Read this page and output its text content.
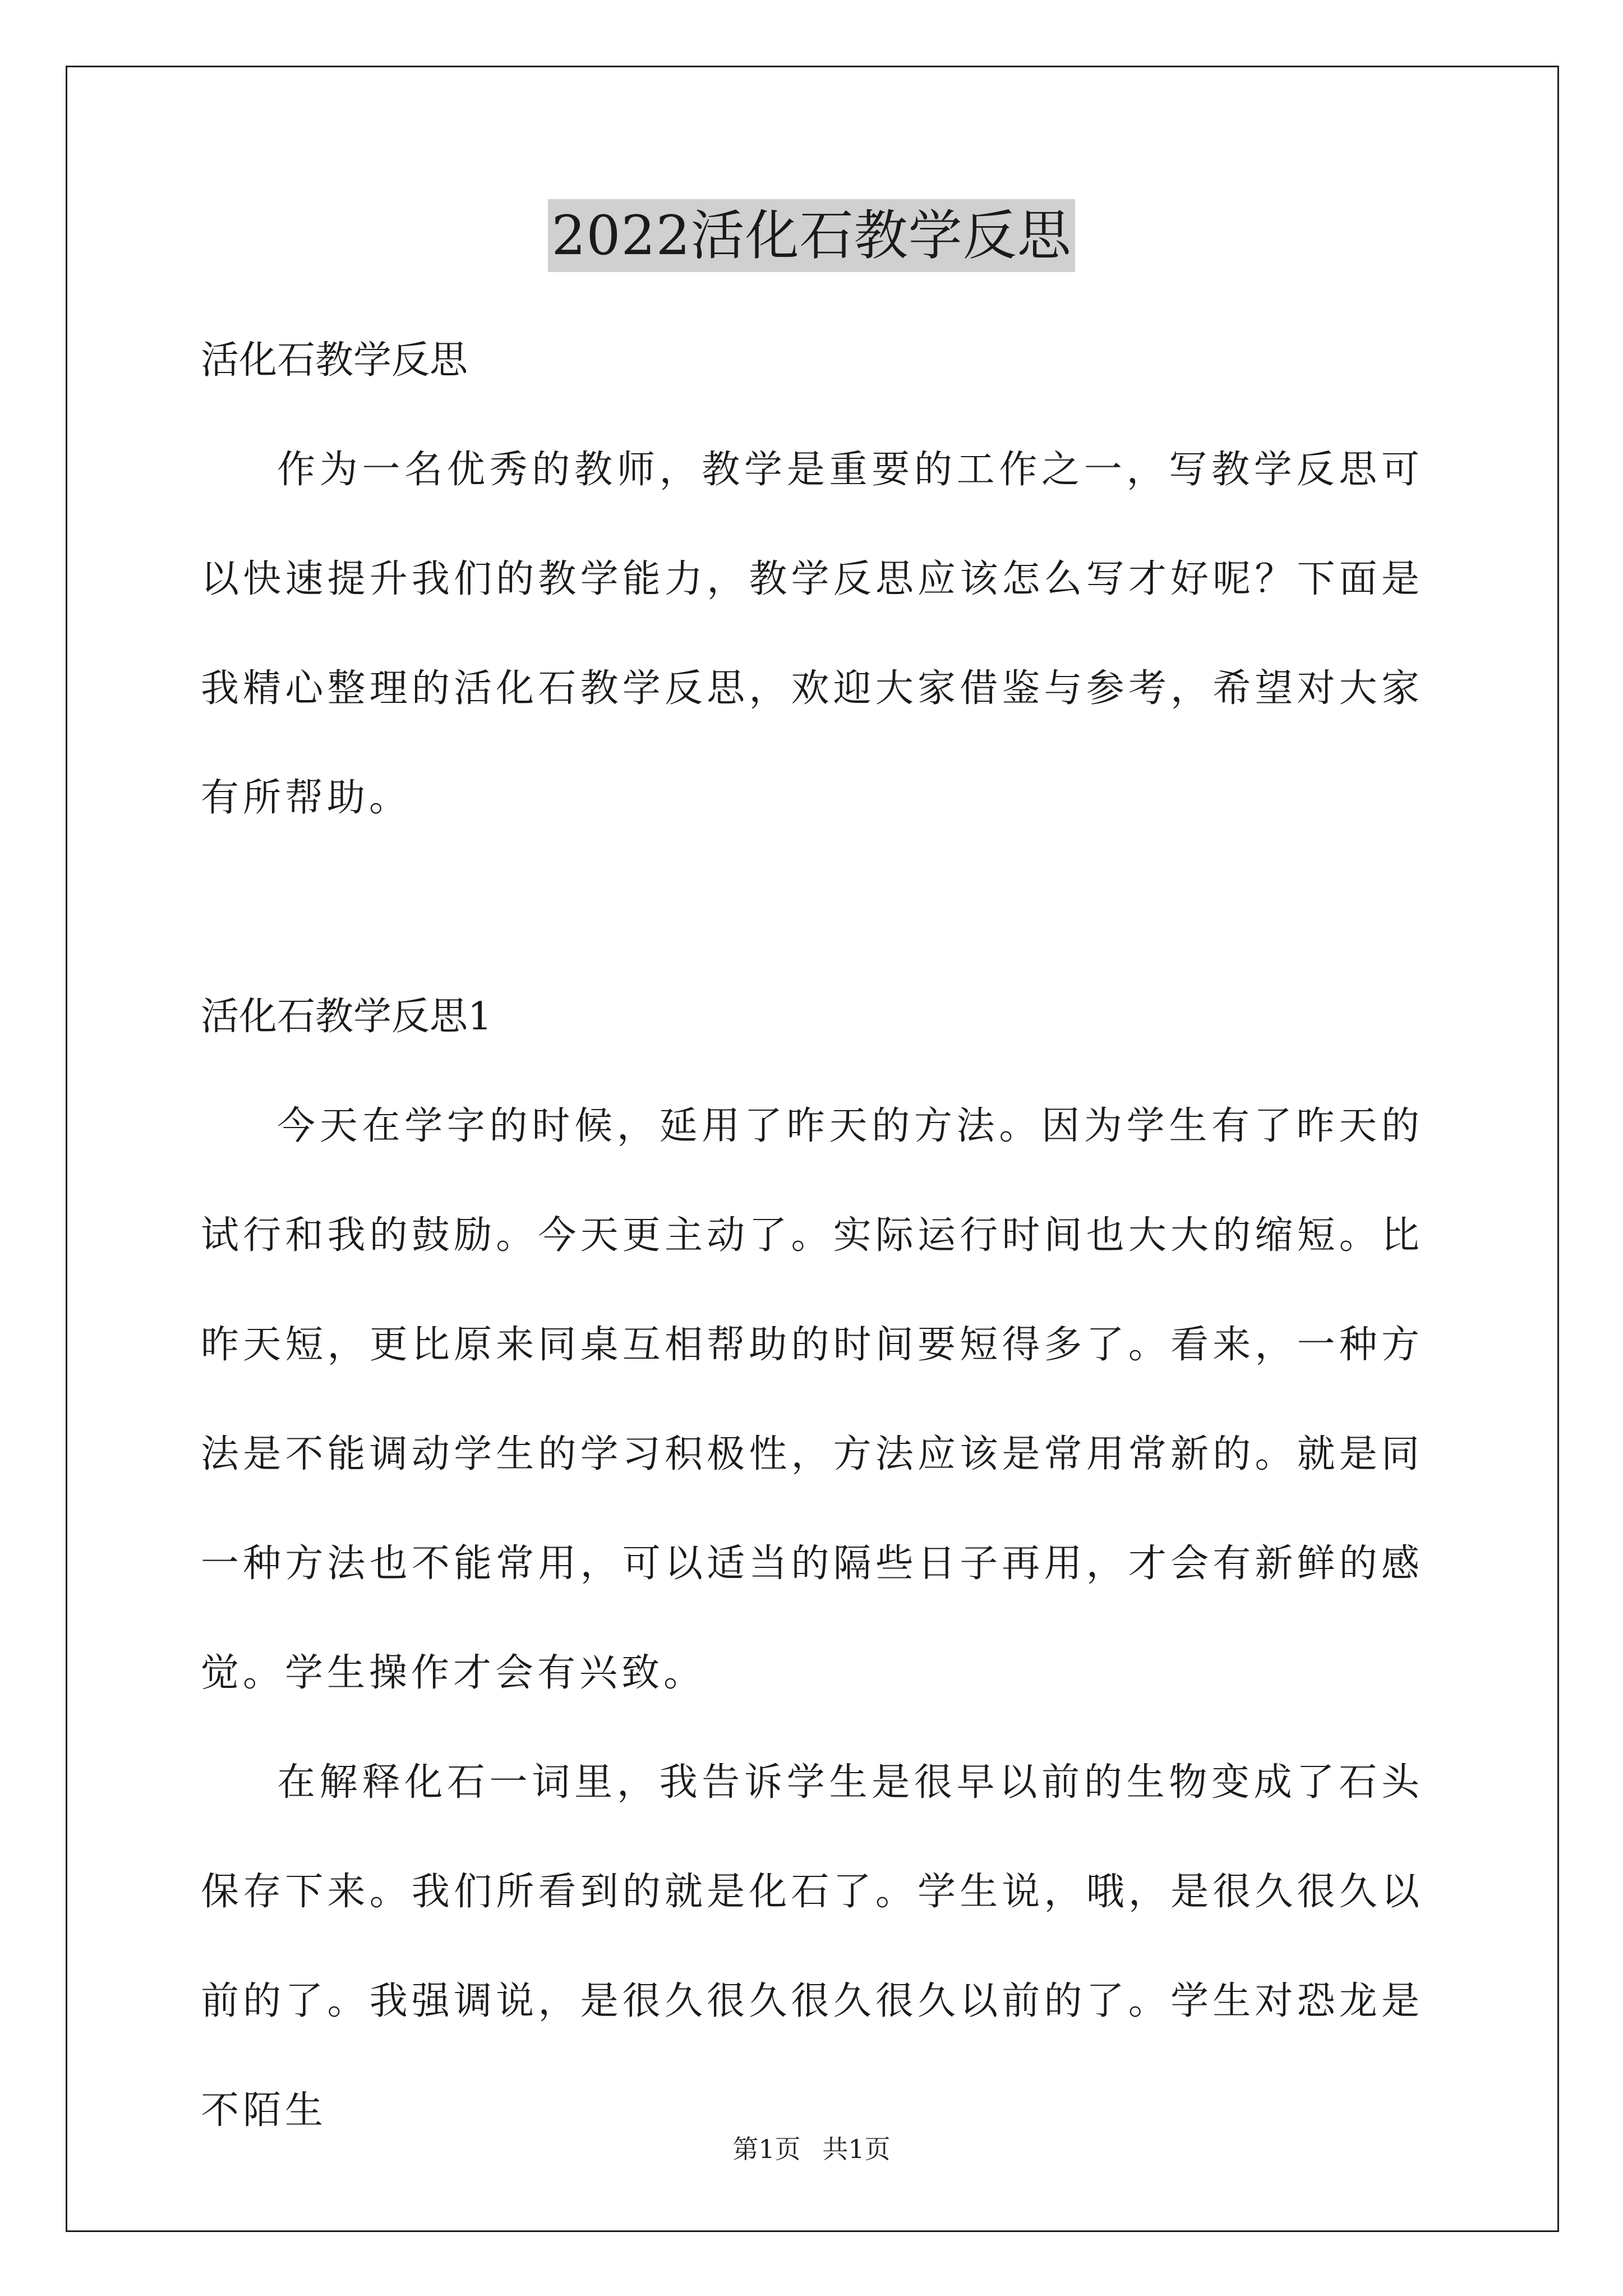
2022活化石教学反思

活化石教学反思

作为一名优秀的教师，教学是重要的工作之一，写教学反思可以快速提升我们的教学能力，教学反思应该怎么写才好呢？下面是我精心整理的活化石教学反思，欢迎大家借鉴与参考，希望对大家有所帮助。

活化石教学反思1

今天在学字的时候，延用了昨天的方法。因为学生有了昨天的试行和我的鼓励。今天更主动了。实际运行时间也大大的缩短。比昨天短，更比原来同桌互相帮助的时间要短得多了。看来，一种方法是不能调动学生的学习积极性，方法应该是常用常新的。就是同一种方法也不能常用，可以适当的隔些日子再用，才会有新鲜的感觉。学生操作才会有兴致。

在解释化石一词里，我告诉学生是很早以前的生物变成了石头保存下来。我们所看到的就是化石了。学生说，哦，是很久很久以前的了。我强调说，是很久很久很久很久以前的了。学生对恐龙是不陌生

第1页 共1页
